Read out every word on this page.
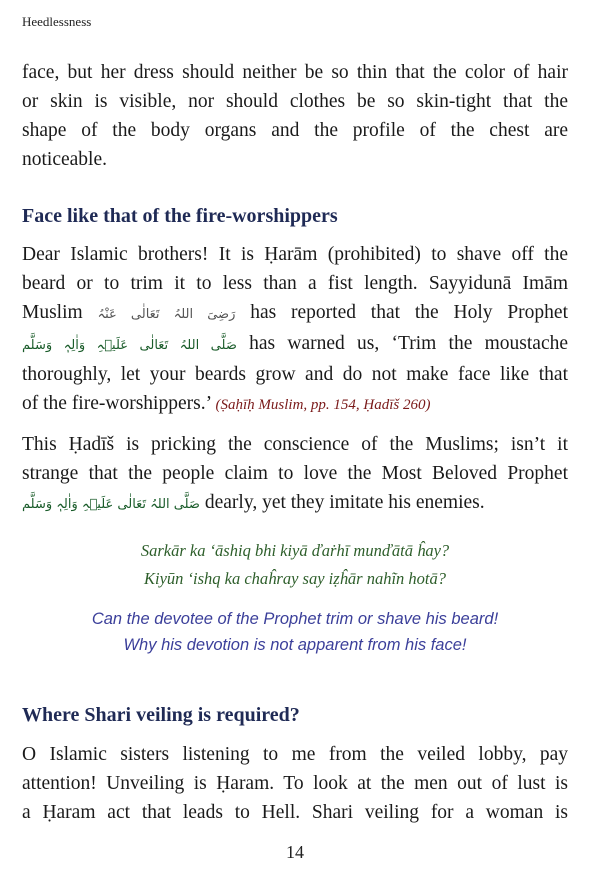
Heedlessness
face, but her dress should neither be so thin that the color of hair
or skin is visible, nor should clothes be so skin-tight that the
shape of the body organs and the profile of the chest are
noticeable.
Face like that of the fire-worshippers
Dear Islamic brothers! It is Ḥarām (prohibited) to shave off the
beard or to trim it to less than a fist length. Sayyidunā Imām
Muslim رَضِیَ اللہُ تَعَالٰی عَنْہُ has reported that the Holy Prophet
صَلَّی اللہُ تَعَالٰی عَلَیۡہِ وَاٰلِہٖ وَسَلَّم has warned us, ‘Trim the moustache
thoroughly, let your beards grow and do not make face like that
of the fire-worshippers.’ (Ṣaḥīḥ Muslim, pp. 154, Ḥadīš 260)
This Ḥadīš is pricking the conscience of the Muslims; isn’t it
strange that the people claim to love the Most Beloved Prophet
صَلَّی اللہُ تَعَالٰی عَلَیۡہِ وَاٰلِہٖ وَسَلَّم dearly, yet they imitate his enemies.
Sarkār ka ‘āshiq bhi kiyā ďaṙhī munďātā ĥay?
Kiyūn ‘ishq ka chaĥray say iẓĥār nahĩn hotā?
Can the devotee of the Prophet trim or shave his beard!
Why his devotion is not apparent from his face!
Where Shari veiling is required?
O Islamic sisters listening to me from the veiled lobby, pay
attention! Unveiling is Ḥaram. To look at the men out of lust is
a Ḥaram act that leads to Hell. Shari veiling for a woman is
14
